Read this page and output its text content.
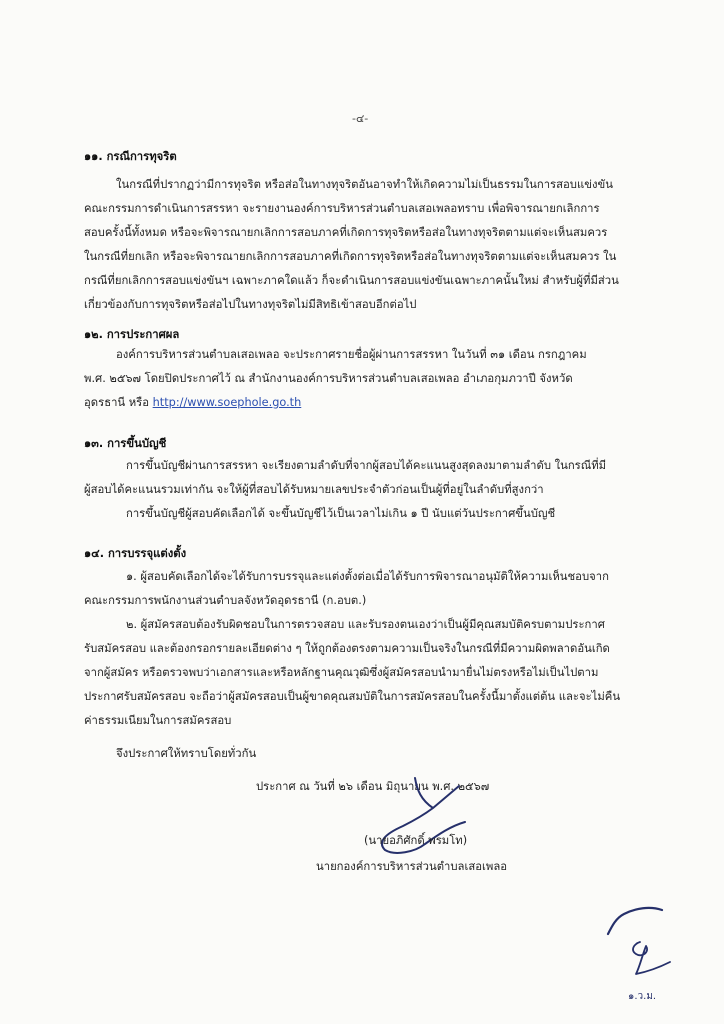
-๔-
๑๑. กรณีการทุจริต
ในกรณีที่ปรากฏว่ามีการทุจริต หรือส่อในทางทุจริตอันอาจทำให้เกิดความไม่เป็นธรรมในการสอบแข่งขัน
คณะกรรมการดำเนินการสรรหา จะรายงานองค์การบริหารส่วนตำบลเสอเพลอทราบ เพื่อพิจารณายกเลิกการ
สอบครั้งนี้ทั้งหมด หรือจะพิจารณายกเลิกการสอบภาคที่เกิดการทุจริตหรือส่อในทางทุจริตตามแต่จะเห็นสมควร
ในกรณีที่ยกเลิก หรือจะพิจารณายกเลิกการสอบภาคที่เกิดการทุจริตหรือส่อในทางทุจริตตามแต่จะเห็นสมควร ใน
กรณีที่ยกเลิกการสอบแข่งขันฯ เฉพาะภาคใดแล้ว ก็จะดำเนินการสอบแข่งขันเฉพาะภาคนั้นใหม่ สำหรับผู้ที่มีส่วน
เกี่ยวข้องกับการทุจริตหรือส่อไปในทางทุจริตไม่มีสิทธิเข้าสอบอีกต่อไป
๑๒. การประกาศผล
องค์การบริหารส่วนตำบลเสอเพลอ จะประกาศรายชื่อผู้ผ่านการสรรหา ในวันที่ ๓๑ เดือน กรกฎาคม
พ.ศ. ๒๕๖๗ โดยปิดประกาศไว้ ณ สำนักงานองค์การบริหารส่วนตำบลเสอเพลอ อำเภอกุมภวาปี จังหวัด
อุดรธานี หรือ http://www.soephole.go.th
๑๓. การขึ้นบัญชี
การขึ้นบัญชีผ่านการสรรหา จะเรียงตามลำดับที่จากผู้สอบได้คะแนนสูงสุดลงมาตามลำดับ ในกรณีที่มี
ผู้สอบได้คะแนนรวมเท่ากัน จะให้ผู้ที่สอบได้รับหมายเลขประจำตัวก่อนเป็นผู้ที่อยู่ในลำดับที่สูงกว่า
การขึ้นบัญชีผู้สอบคัดเลือกได้ จะขึ้นบัญชีไว้เป็นเวลาไม่เกิน ๑ ปี นับแต่วันประกาศขึ้นบัญชี
๑๔. การบรรจุแต่งตั้ง
๑. ผู้สอบคัดเลือกได้จะได้รับการบรรจุและแต่งตั้งต่อเมื่อได้รับการพิจารณาอนุมัติให้ความเห็นชอบจาก
คณะกรรมการพนักงานส่วนตำบลจังหวัดอุดรธานี (ก.อบต.)
๒. ผู้สมัครสอบต้องรับผิดชอบในการตรวจสอบ และรับรองตนเองว่าเป็นผู้มีคุณสมบัติครบตามประกาศ
รับสมัครสอบ และต้องกรอกรายละเอียดต่าง ๆ ให้ถูกต้องตรงตามความเป็นจริงในกรณีที่มีความผิดพลาดอันเกิด
จากผู้สมัคร หรือตรวจพบว่าเอกสารและหรือหลักฐานคุณวุฒิซึ่งผู้สมัครสอบนำมายื่นไม่ตรงหรือไม่เป็นไปตาม
ประกาศรับสมัครสอบ จะถือว่าผู้สมัครสอบเป็นผู้ขาดคุณสมบัติในการสมัครสอบในครั้งนี้มาตั้งแต่ต้น และจะไม่คืน
ค่าธรรมเนียมในการสมัครสอบ
จึงประกาศให้ทราบโดยทั่วกัน
ประกาศ ณ วันที่ ๒๖ เดือน มิถุนายน พ.ศ. ๒๕๖๗
(นายอภิศักดิ์ พรมโท)
นายกองค์การบริหารส่วนตำบลเสอเพลอ
๑.ว.ม.
